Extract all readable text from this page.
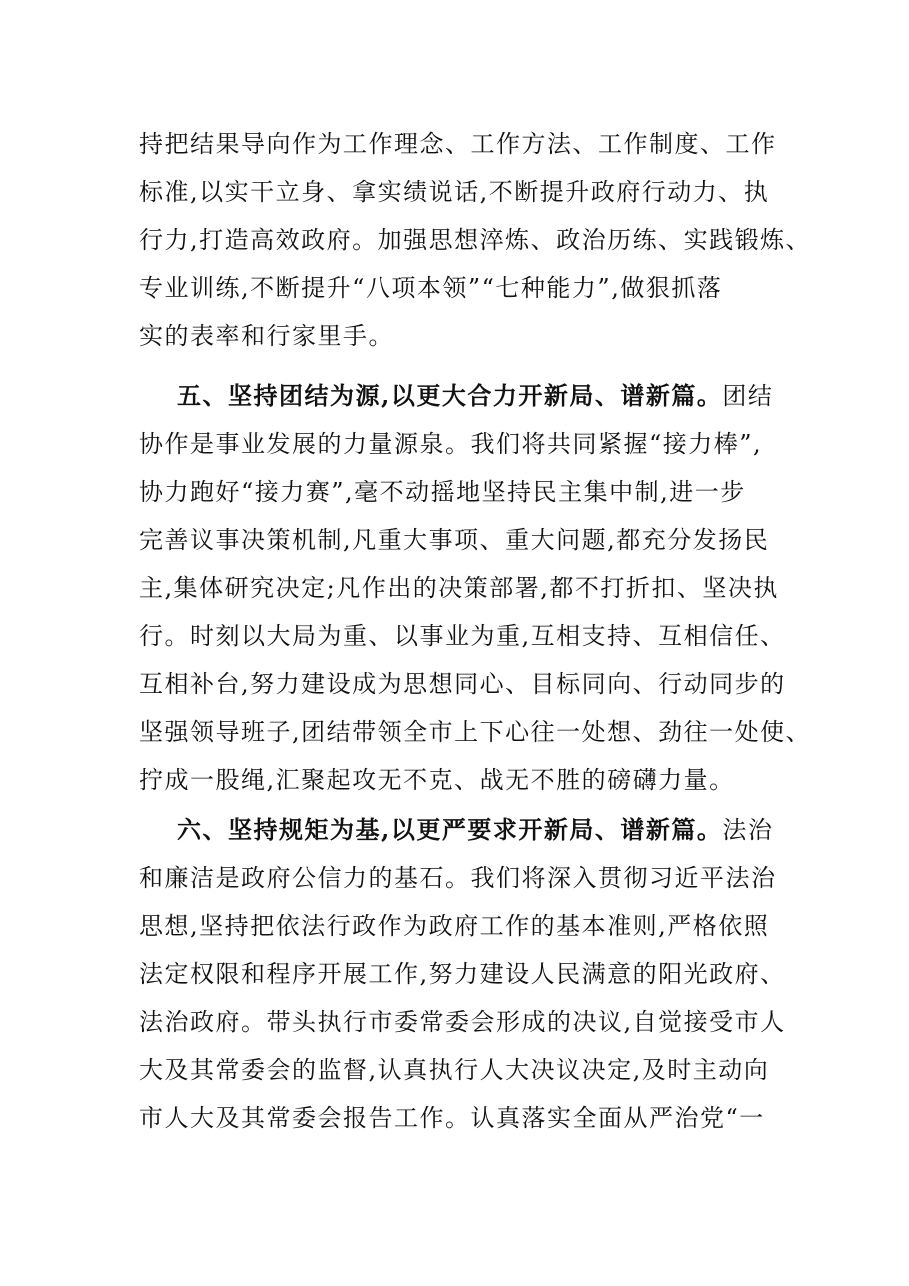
持把结果导向作为工作理念、工作方法、工作制度、工作
标准,以实干立身、拿实绩说话,不断提升政府行动力、执
行力,打造高效政府。加强思想淬炼、政治历练、实践锻炼、
专业训练,不断提升“八项本领”“七种能力”,做狠抓落
实的表率和行家里手。
五、坚持团结为源,以更大合力开新局、谱新篇。团结
协作是事业发展的力量源泉。我们将共同紧握“接力棒”,
协力跑好“接力赛”,毫不动摇地坚持民主集中制,进一步
完善议事决策机制,凡重大事项、重大问题,都充分发扬民
主,集体研究决定;凡作出的决策部署,都不打折扣、坚决执
行。时刻以大局为重、以事业为重,互相支持、互相信任、
互相补台,努力建设成为思想同心、目标同向、行动同步的
坚强领导班子,团结带领全市上下心往一处想、劲往一处使、
拧成一股绳,汇聚起攻无不克、战无不胜的磅礴力量。
六、坚持规矩为基,以更严要求开新局、谱新篇。法治
和廉洁是政府公信力的基石。我们将深入贯彻习近平法治
思想,坚持把依法行政作为政府工作的基本准则,严格依照
法定权限和程序开展工作,努力建设人民满意的阳光政府、
法治政府。带头执行市委常委会形成的决议,自觉接受市人
大及其常委会的监督,认真执行人大决议决定,及时主动向
市人大及其常委会报告工作。认真落实全面从严治党“一
